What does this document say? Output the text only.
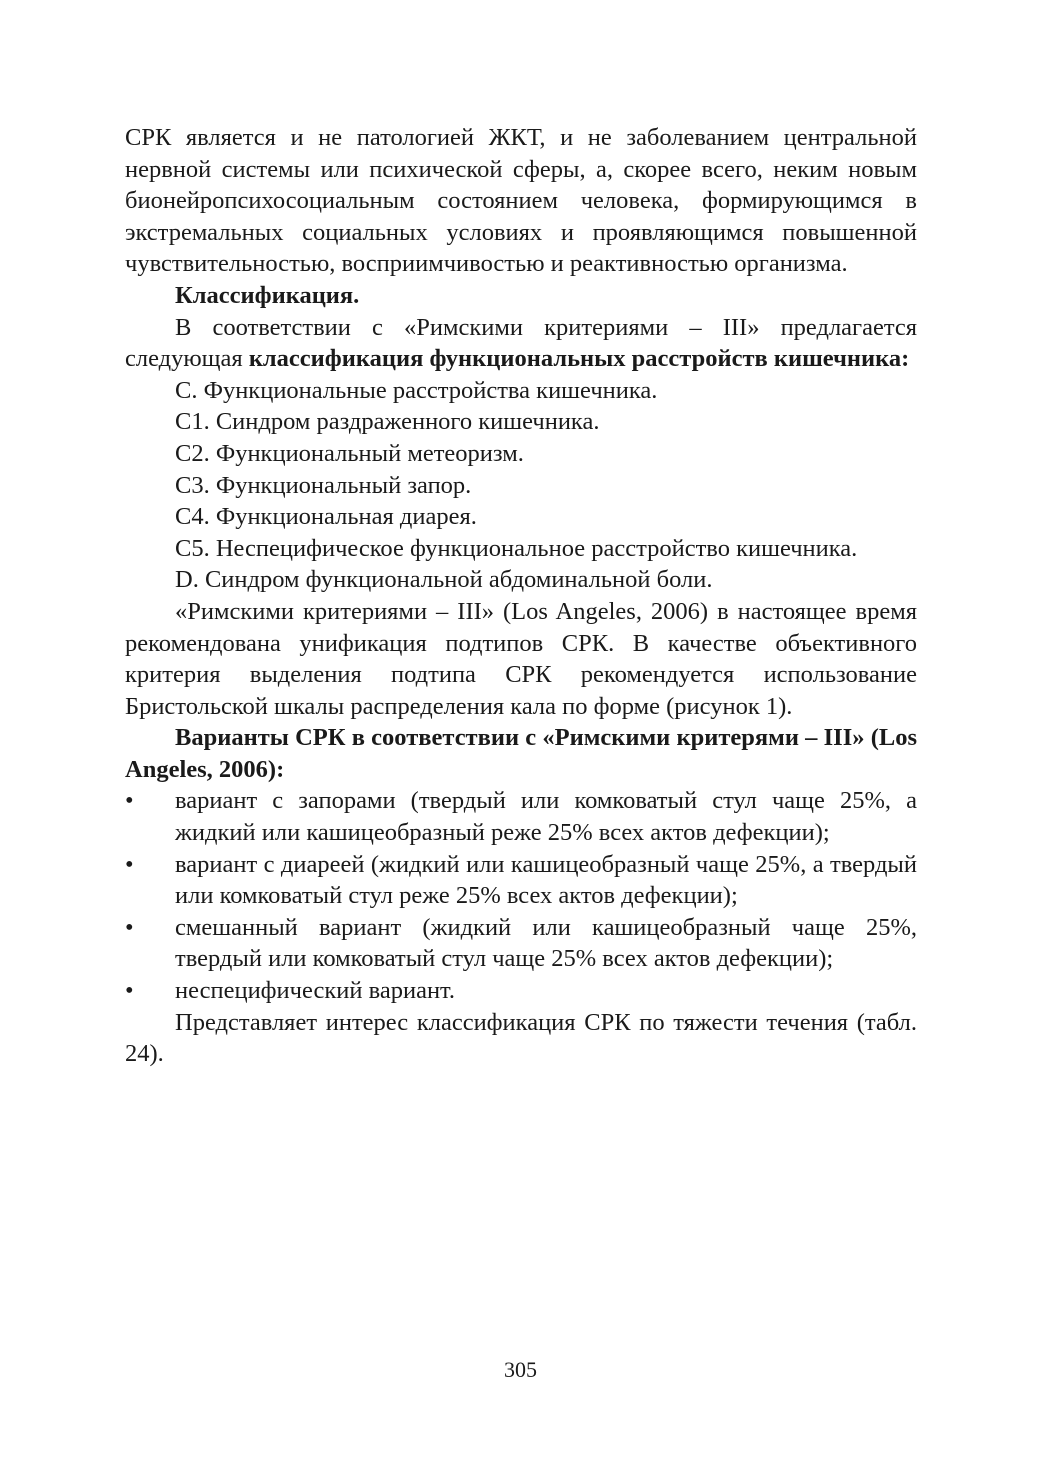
СРК является и не патологией ЖКТ, и не заболеванием центральной нервной системы или психической сферы, а, скорее всего, неким новым бионейропсихосоциальным состоянием человека, формирующимся в экстремальных социальных условиях и проявляющимся повышенной чувствительностью, восприимчивостью и реактивностью организма.

Классификация.

В соответствии с «Римскими критериями – III» предлагается следующая классификация функциональных расстройств кишечника:

C. Функциональные расстройства кишечника.

C1. Синдром раздраженного кишечника.

C2. Функциональный метеоризм.

C3. Функциональный запор.

C4. Функциональная диарея.

C5. Неспецифическое функциональное расстройство кишечника.

D. Синдром функциональной абдоминальной боли.

«Римскими критериями – III» (Los Angeles, 2006) в настоящее время рекомендована унификация подтипов СРК. В качестве объективного критерия выделения подтипа СРК рекомендуется использование Бристольской шкалы распределения кала по форме (рисунок 1).

Варианты СРК в соответствии с «Римскими критерями – III» (Los Angeles, 2006):

• вариант с запорами (твердый или комковатый стул чаще 25%, а жидкий или кашицеобразный реже 25% всех актов дефекции);
• вариант с диареей (жидкий или кашицеобразный чаще 25%, а твердый или комковатый стул реже 25% всех актов дефекции);
• смешанный вариант (жидкий или кашицеобразный чаще 25%, твердый или комковатый стул чаще 25% всех актов дефекции);
• неспецифический вариант.

Представляет интерес классификация СРК по тяжести течения (табл. 24).

305
